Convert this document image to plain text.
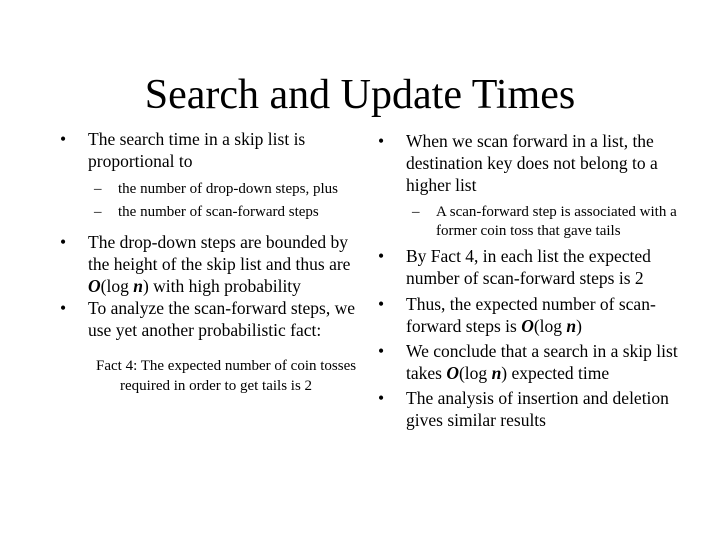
Search and Update Times
•	The search time in a skip list is proportional to
– the number of drop-down steps, plus
– the number of scan-forward steps
•	The drop-down steps are bounded by the height of the skip list and thus are O(log n) with high probability
•	To analyze the scan-forward steps, we use yet another probabilistic fact:
Fact 4: The expected number of coin tosses required in order to get tails is 2
•	When we scan forward in a list, the destination key does not belong to a higher list
– A scan-forward step is associated with a former coin toss that gave tails
•	By Fact 4, in each list the expected number of scan-forward steps is 2
•	Thus, the expected number of scan-forward steps is O(log n)
•	We conclude that a search in a skip list takes O(log n) expected time
•	The analysis of insertion and deletion gives similar results
